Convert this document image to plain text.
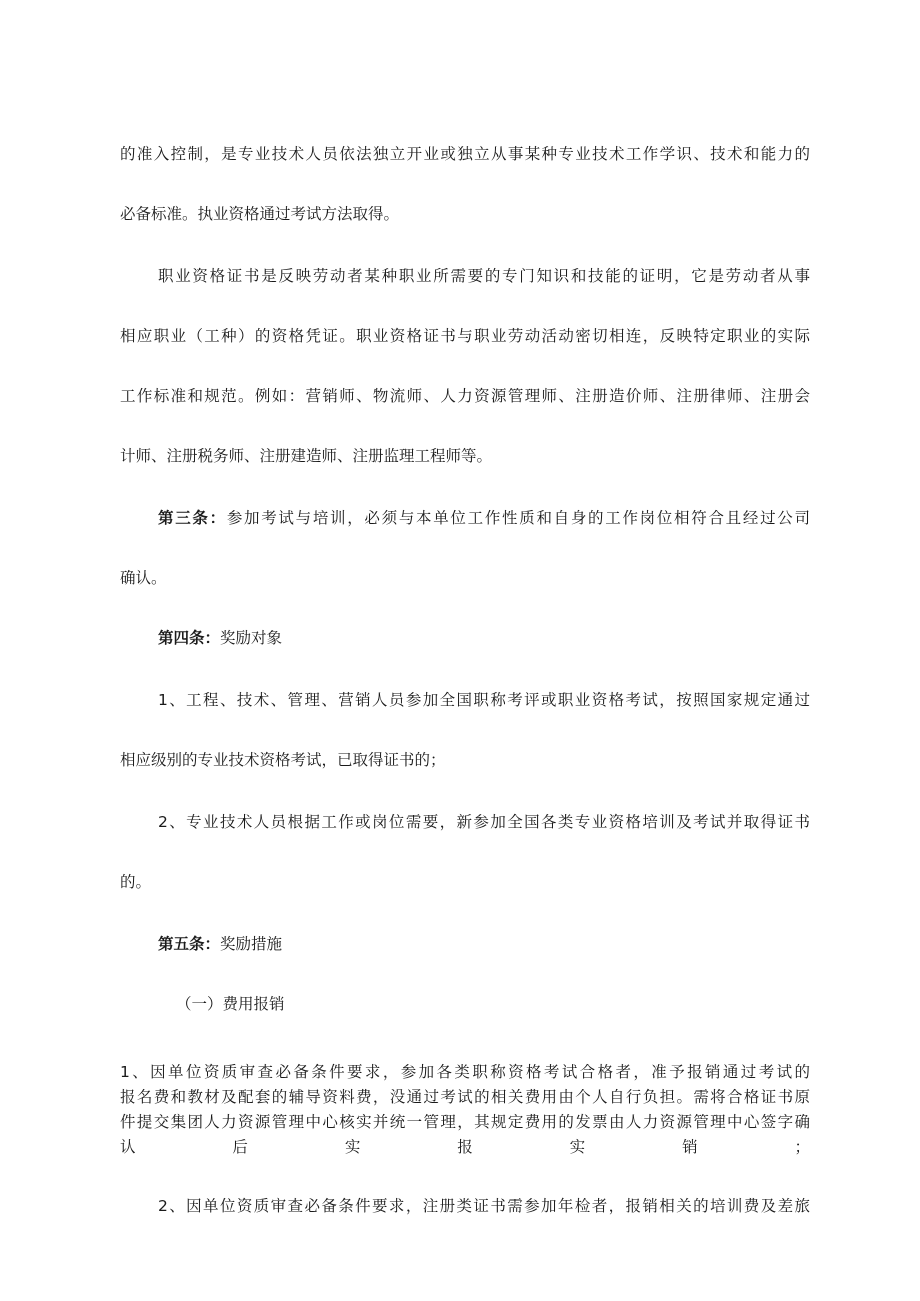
的准入控制，是专业技术人员依法独立开业或独立从事某种专业技术工作学识、技术和能力的

必备标准。执业资格通过考试方法取得。

职业资格证书是反映劳动者某种职业所需要的专门知识和技能的证明，它是劳动者从事

相应职业（工种）的资格凭证。职业资格证书与职业劳动活动密切相连，反映特定职业的实际

工作标准和规范。例如：营销师、物流师、人力资源管理师、注册造价师、注册律师、注册会

计师、注册税务师、注册建造师、注册监理工程师等。

第三条：参加考试与培训，必须与本单位工作性质和自身的工作岗位相符合且经过公司

确认。

第四条：奖励对象

1、工程、技术、管理、营销人员参加全国职称考评或职业资格考试，按照国家规定通过

相应级别的专业技术资格考试，已取得证书的；

2、专业技术人员根据工作或岗位需要，新参加全国各类专业资格培训及考试并取得证书

的。

第五条：奖励措施

（一）费用报销

1、因单位资质审查必备条件要求，参加各类职称资格考试合格者，准予报销通过考试的

报名费和教材及配套的辅导资料费，没通过考试的相关费用由个人自行负担。需将合格证书原

件提交集团人力资源管理中心核实并统一管理，其规定费用的发票由人力资源管理中心签字确

认后实报实销；

2、因单位资质审查必备条件要求，注册类证书需参加年检者，报销相关的培训费及差旅
